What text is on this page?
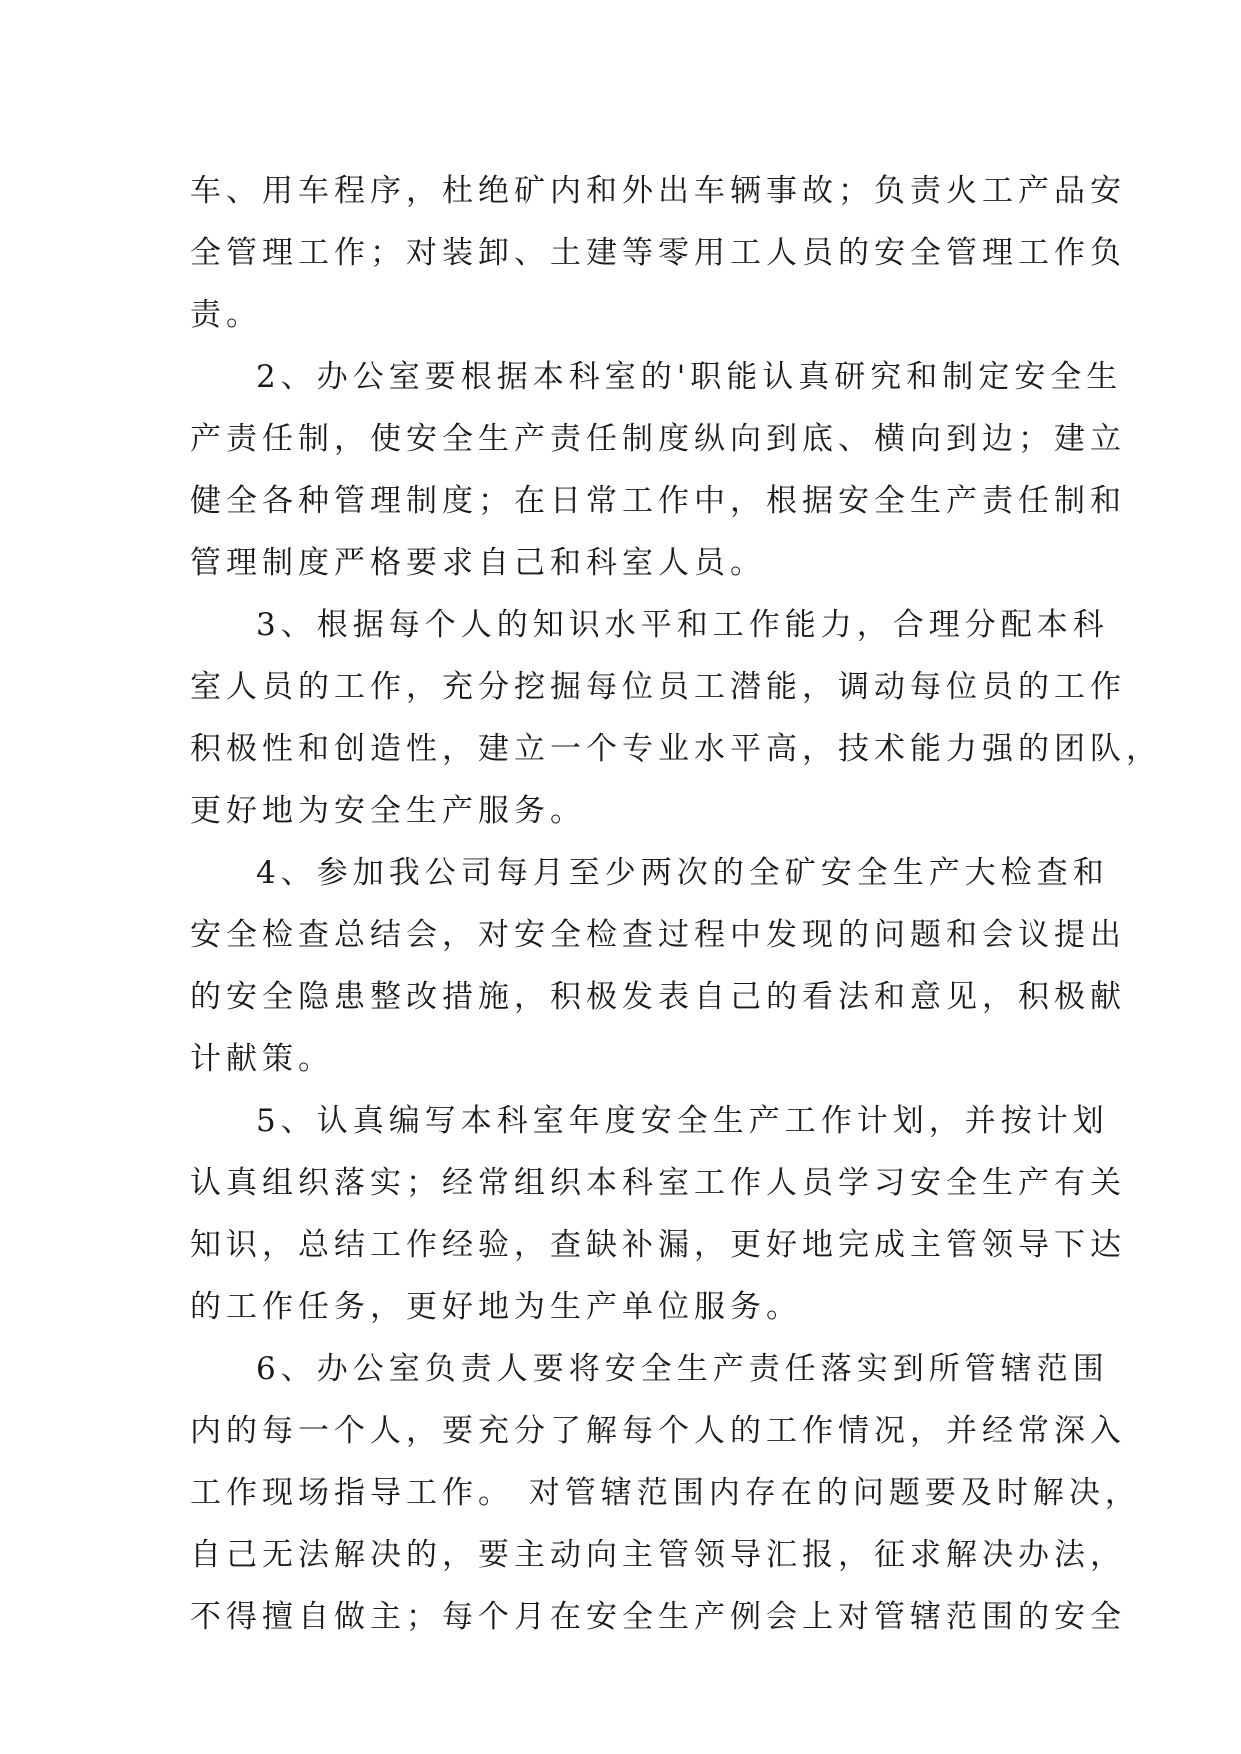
车、用车程序，杜绝矿内和外出车辆事故；负责火工产品安
全管理工作；对装卸、土建等零用工人员的安全管理工作负
责。
2、办公室要根据本科室的'职能认真研究和制定安全生
产责任制，使安全生产责任制度纵向到底、横向到边；建立
健全各种管理制度；在日常工作中，根据安全生产责任制和
管理制度严格要求自己和科室人员。
3、根据每个人的知识水平和工作能力，合理分配本科
室人员的工作，充分挖掘每位员工潜能，调动每位员的工作
积极性和创造性，建立一个专业水平高，技术能力强的团队，
更好地为安全生产服务。
4、参加我公司每月至少两次的全矿安全生产大检查和
安全检查总结会，对安全检查过程中发现的问题和会议提出
的安全隐患整改措施，积极发表自己的看法和意见，积极献
计献策。
5、认真编写本科室年度安全生产工作计划，并按计划
认真组织落实；经常组织本科室工作人员学习安全生产有关
知识，总结工作经验，查缺补漏，更好地完成主管领导下达
的工作任务，更好地为生产单位服务。
6、办公室负责人要将安全生产责任落实到所管辖范围
内的每一个人，要充分了解每个人的工作情况，并经常深入
工作现场指导工作。 对管辖范围内存在的问题要及时解决，
自己无法解决的，要主动向主管领导汇报，征求解决办法，
不得擅自做主；每个月在安全生产例会上对管辖范围的安全
